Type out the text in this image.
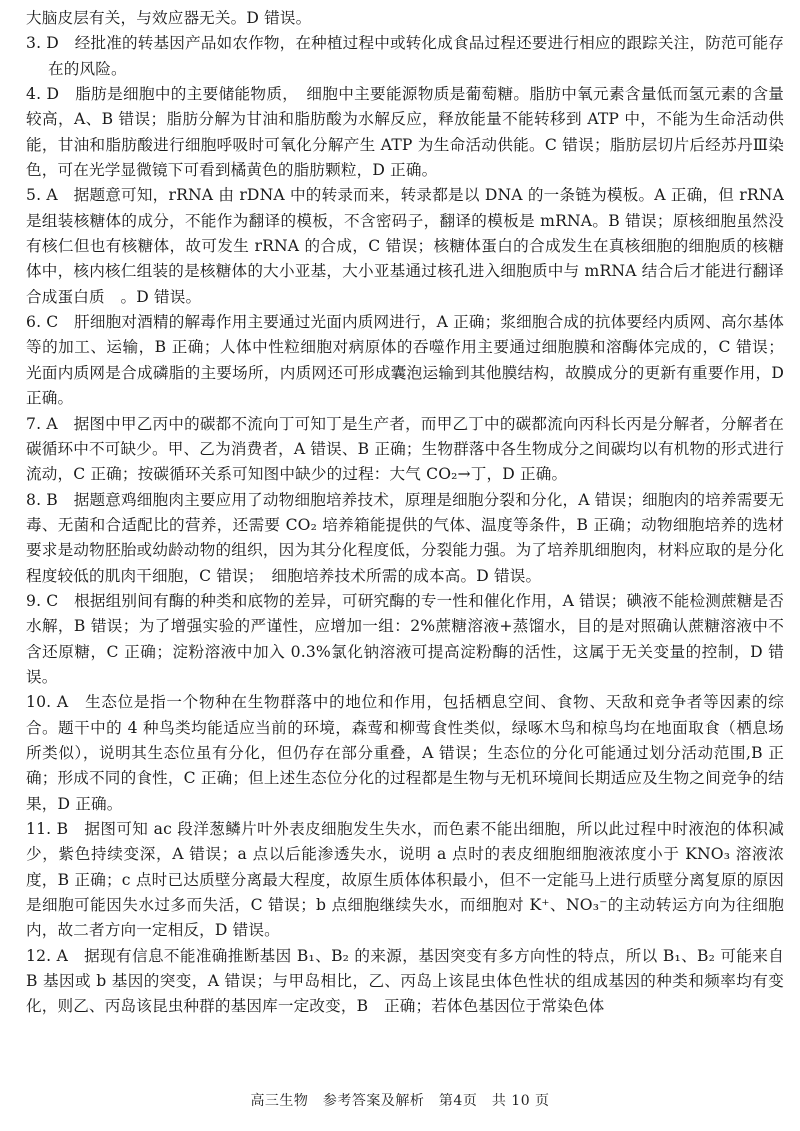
大脑皮层有关，与效应器无关。D 错误。

3. D　经批准的转基因产品如农作物，在种植过程中或转化成食品过程还要进行相应的跟踪关注，防范可能存在的风险。

4. D　脂肪是细胞中的主要储能物质，　细胞中主要能源物质是葡萄糖。脂肪中氧元素含量低而氢元素的含量较高，A、B 错误；脂肪分解为甘油和脂肪酸为水解反应，释放能量不能转移到 ATP 中，不能为生命活动供能，甘油和脂肪酸进行细胞呼吸时可氧化分解产生 ATP 为生命活动供能。C 错误；脂肪层切片后经苏丹Ⅲ染色，可在光学显微镜下可看到橘黄色的脂肪颗粒，D 正确。

5. A　据题意可知，rRNA 由 rDNA 中的转录而来，转录都是以 DNA 的一条链为模板。A 正确，但 rRNA 是组装核糖体的成分，不能作为翻译的模板，不含密码子，翻译的模板是 mRNA。B 错误；原核细胞虽然没有核仁但也有核糖体，故可发生 rRNA 的合成，C 错误；核糖体蛋白的合成发生在真核细胞的细胞质的核糖体中，核内核仁组装的是核糖体的大小亚基，大小亚基通过核孔进入细胞质中与 mRNA 结合后才能进行翻译合成蛋白质　。D 错误。

6. C　肝细胞对酒精的解毒作用主要通过光面内质网进行，A 正确；浆细胞合成的抗体要经内质网、高尔基体等的加工、运输，B 正确；人体中性粒细胞对病原体的吞噬作用主要通过细胞膜和溶酶体完成的，C 错误；光面内质网是合成磷脂的主要场所，内质网还可形成囊泡运输到其他膜结构，故膜成分的更新有重要作用，D 正确。

7. A　据图中甲乙丙中的碳都不流向丁可知丁是生产者，而甲乙丁中的碳都流向丙科长丙是分解者，分解者在碳循环中不可缺少。甲、乙为消费者，A 错误、B 正确；生物群落中各生物成分之间碳均以有机物的形式进行流动，C 正确；按碳循环关系可知图中缺少的过程：大气 CO₂→丁，D 正确。

8. B　据题意鸡细胞肉主要应用了动物细胞培养技术，原理是细胞分裂和分化，A 错误；细胞肉的培养需要无毒、无菌和合适配比的营养，还需要 CO₂ 培养箱能提供的气体、温度等条件，B 正确；动物细胞培养的选材要求是动物胚胎或幼龄动物的组织，因为其分化程度低，分裂能力强。为了培养肌细胞肉，材料应取的是分化程度较低的肌肉干细胞，C 错误；　细胞培养技术所需的成本高。D 错误。

9. C　根据组别间有酶的种类和底物的差异，可研究酶的专一性和催化作用，A 错误；碘液不能检测蔗糖是否水解，B 错误；为了增强实验的严谨性，应增加一组：2%蔗糖溶液+蒸馏水，目的是对照确认蔗糖溶液中不含还原糖，C 正确；淀粉溶液中加入 0.3%氯化钠溶液可提高淀粉酶的活性，这属于无关变量的控制，D 错误。

10. A　生态位是指一个物种在生物群落中的地位和作用，包括栖息空间、食物、天敌和竞争者等因素的综合。题干中的 4 种鸟类均能适应当前的环境，森莺和柳莺食性类似，绿啄木鸟和椋鸟均在地面取食（栖息场所类似），说明其生态位虽有分化，但仍存在部分重叠，A 错误；生态位的分化可能通过划分活动范围,B 正确；形成不同的食性，C 正确；但上述生态位分化的过程都是生物与无机环境间长期适应及生物之间竞争的结果，D 正确。

11. B　据图可知 ac 段洋葱鳞片叶外表皮细胞发生失水，而色素不能出细胞，所以此过程中时液泡的体积减少，紫色持续变深，A 错误；a 点以后能渗透失水，说明 a 点时的表皮细胞细胞液浓度小于 KNO₃ 溶液浓度，B 正确；c 点时已达质壁分离最大程度，故原生质体体积最小，但不一定能马上进行质壁分离复原的原因是细胞可能因失水过多而失活，C 错误；b 点细胞继续失水，而细胞对 K⁺、NO₃⁻的主动转运方向为往细胞内，故二者方向一定相反，D 错误。

12. A　据现有信息不能准确推断基因 B₁、B₂ 的来源，基因突变有多方向性的特点，所以 B₁、B₂ 可能来自 B 基因或 b 基因的突变，A 错误；与甲岛相比，乙、丙岛上该昆虫体色性状的组成基因的种类和频率均有变化，则乙、丙岛该昆虫种群的基因库一定改变，B　正确；若体色基因位于常染色体

高三生物　参考答案及解析　第4页　共 10 页
